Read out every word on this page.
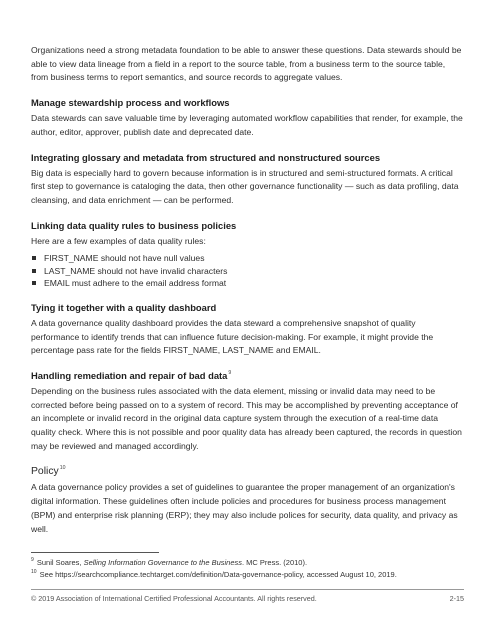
Organizations need a strong metadata foundation to be able to answer these questions. Data stewards should be able to view data lineage from a field in a report to the source table, from a business term to the source table, from business terms to report semantics, and source records to aggregate values.

Manage stewardship process and workflows

Data stewards can save valuable time by leveraging automated workflow capabilities that render, for example, the author, editor, approver, publish date and deprecated date.

Integrating glossary and metadata from structured and nonstructured sources

Big data is especially hard to govern because information is in structured and semi-structured formats. A critical first step to governance is cataloging the data, then other governance functionality — such as data profiling, data cleansing, and data enrichment — can be performed.

Linking data quality rules to business policies

Here are a few examples of data quality rules:

FIRST_NAME should not have null values
LAST_NAME should not have invalid characters
EMAIL must adhere to the email address format
Tying it together with a quality dashboard

A data governance quality dashboard provides the data steward a comprehensive snapshot of quality performance to identify trends that can influence future decision-making. For example, it might provide the percentage pass rate for the fields FIRST_NAME, LAST_NAME and EMAIL.

Handling remediation and repair of bad data$^9$

Depending on the business rules associated with the data element, missing or invalid data may need to be corrected before being passed on to a system of record. This may be accomplished by preventing acceptance of an incomplete or invalid record in the original data capture system through the execution of a real-time data quality check. Where this is not possible and poor quality data has already been captured, the records in question may be reviewed and managed accordingly.

Policy$^{10}$

A data governance policy provides a set of guidelines to guarantee the proper management of an organization's digital information. These guidelines often include policies and procedures for business process management (BPM) and enterprise risk planning (ERP); they may also include polices for security, data quality, and privacy as well.

$^9$ Sunil Soares, Selling Information Governance to the Business. MC Press. (2010).
$^{10}$ See https://searchcompliance.techtarget.com/definition/Data-governance-policy, accessed August 10, 2019.
© 2019 Association of International Certified Professional Accountants. All rights reserved.	2-15
